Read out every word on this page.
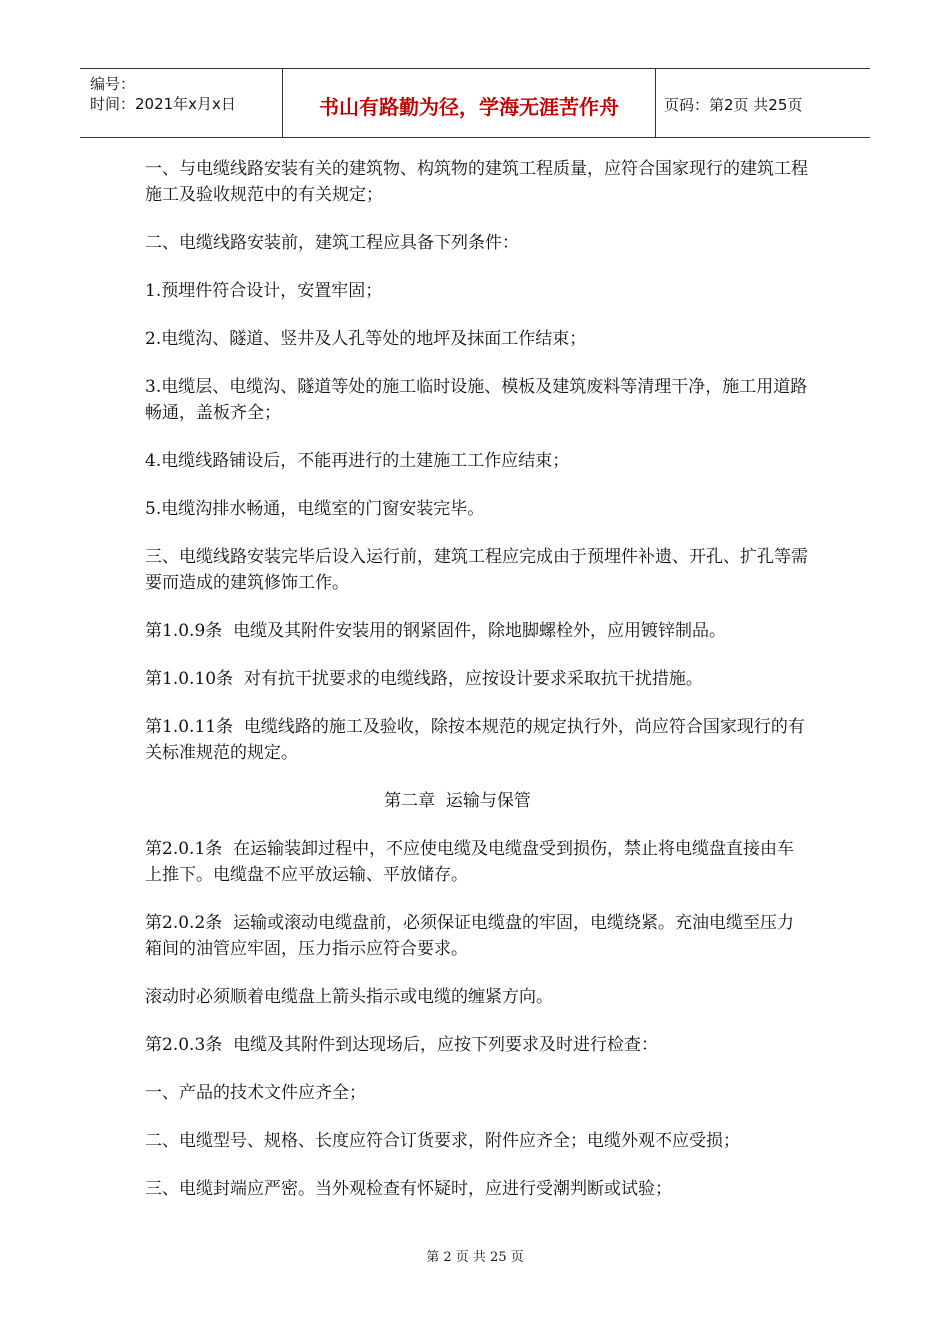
编号：
时间：2021年x月x日	书山有路勤为径，学海无涯苦作舟	页码：第2页 共25页

一、与电缆线路安装有关的建筑物、构筑物的建筑工程质量，应符合国家现行的建筑工程施工及验收规范中的有关规定；

二、电缆线路安装前，建筑工程应具备下列条件：

1.预埋件符合设计，安置牢固；

2.电缆沟、隧道、竖井及人孔等处的地坪及抹面工作结束；

3.电缆层、电缆沟、隧道等处的施工临时设施、模板及建筑废料等清理干净，施工用道路畅通，盖板齐全；

4.电缆线路铺设后，不能再进行的土建施工工作应结束；

5.电缆沟排水畅通，电缆室的门窗安装完毕。

三、电缆线路安装完毕后设入运行前，建筑工程应完成由于预埋件补遗、开孔、扩孔等需要而造成的建筑修饰工作。

第1.0.9条  电缆及其附件安装用的钢紧固件，除地脚螺栓外，应用镀锌制品。

第1.0.10条  对有抗干扰要求的电缆线路，应按设计要求采取抗干扰措施。

第1.0.11条  电缆线路的施工及验收，除按本规范的规定执行外，尚应符合国家现行的有关标准规范的规定。

第二章  运输与保管

第2.0.1条  在运输装卸过程中，不应使电缆及电缆盘受到损伤，禁止将电缆盘直接由车上推下。电缆盘不应平放运输、平放储存。

第2.0.2条  运输或滚动电缆盘前，必须保证电缆盘的牢固，电缆绕紧。充油电缆至压力箱间的油管应牢固，压力指示应符合要求。

滚动时必须顺着电缆盘上箭头指示或电缆的缠紧方向。

第2.0.3条  电缆及其附件到达现场后，应按下列要求及时进行检查：

一、产品的技术文件应齐全；

二、电缆型号、规格、长度应符合订货要求，附件应齐全；电缆外观不应受损；

三、电缆封端应严密。当外观检查有怀疑时，应进行受潮判断或试验；

第 2 页 共 25 页
